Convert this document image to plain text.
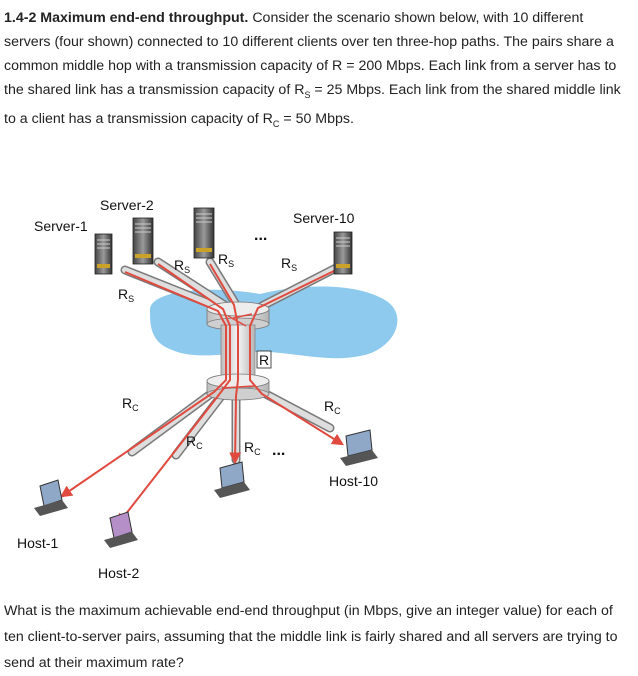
1.4-2 Maximum end-end throughput. Consider the scenario shown below, with 10 different servers (four shown) connected to 10 different clients over ten three-hop paths. The pairs share a common middle hop with a transmission capacity of R = 200 Mbps. Each link from a server has to the shared link has a transmission capacity of $R_S = 25$ Mbps. Each link from the shared middle link to a client has a transmission capacity of $R_C = 50$ Mbps.
Server-1
Server-2
Server-10
...
Host-1
Host-2
Host-10
$R_S$
$R_S$
$R_S$	$R_S$
R
$R_C$
$R_C$	$R_C$ ...
$R_C$
What is the maximum achievable end-end throughput (in Mbps, give an integer value) for each of ten client-to-server pairs, assuming that the middle link is fairly shared and all servers are trying to send at their maximum rate?
